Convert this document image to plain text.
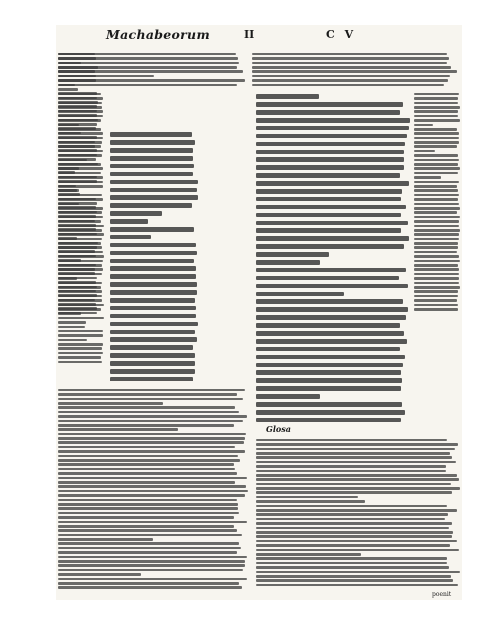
Machabeorum	II	C V
Glosa
poenit
